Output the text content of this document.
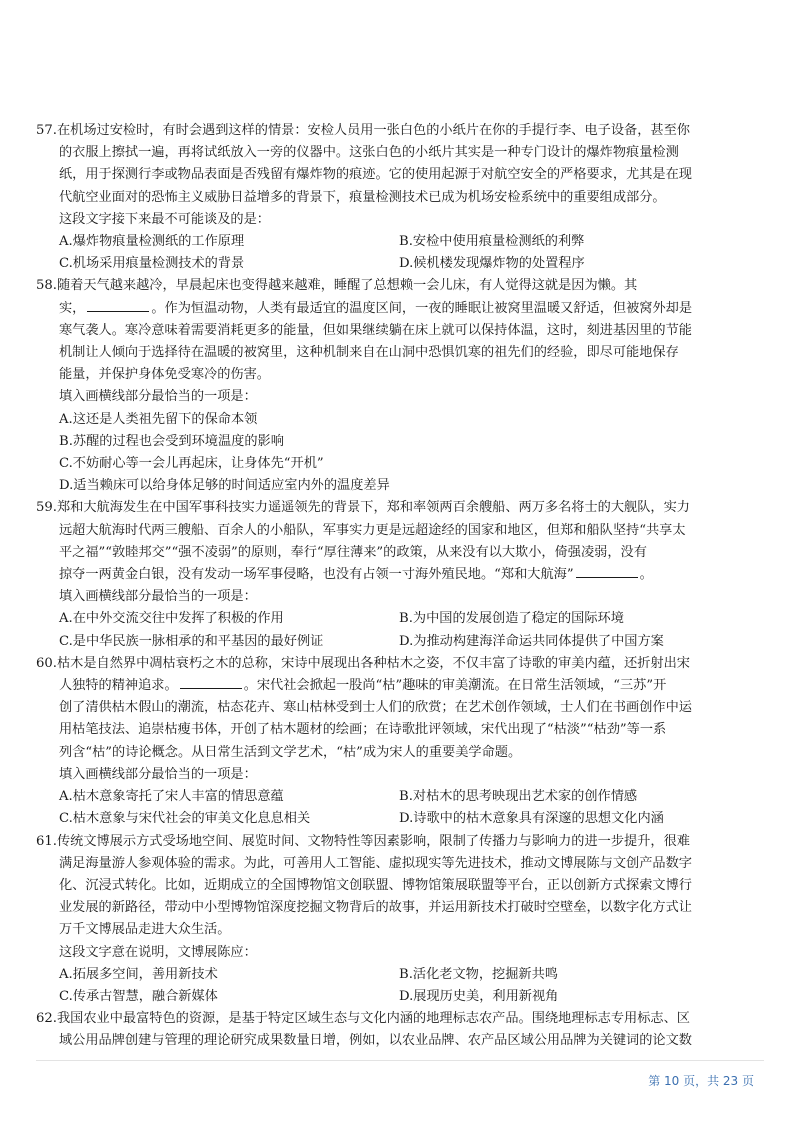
57.在机场过安检时，有时会遇到这样的情景：安检人员用一张白色的小纸片在你的手提行李、电子设备，甚至你
的衣服上擦拭一遍，再将试纸放入一旁的仪器中。这张白色的小纸片其实是一种专门设计的爆炸物痕量检测
纸，用于探测行李或物品表面是否残留有爆炸物的痕迹。它的使用起源于对航空安全的严格要求，尤其是在现
代航空业面对的恐怖主义威胁日益增多的背景下，痕量检测技术已成为机场安检系统中的重要组成部分。
这段文字接下来最不可能谈及的是：
A.爆炸物痕量检测纸的工作原理	B.安检中使用痕量检测纸的利弊
C.机场采用痕量检测技术的背景	D.候机楼发现爆炸物的处置程序
58.随着天气越来越冷，早晨起床也变得越来越难，睡醒了总想赖一会儿床，有人觉得这就是因为懒。其
实，	。作为恒温动物，人类有最适宜的温度区间，一夜的睡眠让被窝里温暖又舒适，但被窝外却是
寒气袭人。寒冷意味着需要消耗更多的能量，但如果继续躺在床上就可以保持体温，这时，刻进基因里的节能
机制让人倾向于选择待在温暖的被窝里，这种机制来自在山洞中恐惧饥寒的祖先们的经验，即尽可能地保存
能量，并保护身体免受寒冷的伤害。
填入画横线部分最恰当的一项是：
A.这还是人类祖先留下的保命本领
B.苏醒的过程也会受到环境温度的影响
C.不妨耐心等一会儿再起床，让身体先“开机”
D.适当赖床可以给身体足够的时间适应室内外的温度差异
59.郑和大航海发生在中国军事科技实力遥遥领先的背景下，郑和率领两百余艘船、两万多名将士的大舰队，实力
远超大航海时代两三艘船、百余人的小船队，军事实力更是远超途经的国家和地区，但郑和船队坚持“共享太
平之福”“敦睦邦交”“强不凌弱”的原则，奉行“厚往薄来”的政策，从来没有以大欺小，倚强凌弱，没有
掠夺一两黄金白银，没有发动一场军事侵略，也没有占领一寸海外殖民地。“郑和大航海”	。
填入画横线部分最恰当的一项是：
A.在中外交流交往中发挥了积极的作用	B.为中国的发展创造了稳定的国际环境
C.是中华民族一脉相承的和平基因的最好例证	D.为推动构建海洋命运共同体提供了中国方案
60.枯木是自然界中凋枯衰朽之木的总称，宋诗中展现出各种枯木之姿，不仅丰富了诗歌的审美内蕴，还折射出宋
人独特的精神追求。	。宋代社会掀起一股尚“枯”趣味的审美潮流。在日常生活领域，“三苏”开
创了清供枯木假山的潮流，枯态花卉、寒山枯林受到士人们的欣赏；在艺术创作领域，士人们在书画创作中运
用枯笔技法、追崇枯瘦书体，开创了枯木题材的绘画；在诗歌批评领域，宋代出现了“枯淡”“枯劲”等一系
列含“枯”的诗论概念。从日常生活到文学艺术，“枯”成为宋人的重要美学命题。
填入画横线部分最恰当的一项是：
A.枯木意象寄托了宋人丰富的情思意蕴	B.对枯木的思考映现出艺术家的创作情感
C.枯木意象与宋代社会的审美文化息息相关	D.诗歌中的枯木意象具有深邃的思想文化内涵
61.传统文博展示方式受场地空间、展览时间、文物特性等因素影响，限制了传播力与影响力的进一步提升，很难
满足海量游人参观体验的需求。为此，可善用人工智能、虚拟现实等先进技术，推动文博展陈与文创产品数字
化、沉浸式转化。比如，近期成立的全国博物馆文创联盟、博物馆策展联盟等平台，正以创新方式探索文博行
业发展的新路径，带动中小型博物馆深度挖掘文物背后的故事，并运用新技术打破时空壁垒，以数字化方式让
万千文博展品走进大众生活。
这段文字意在说明，文博展陈应：
A.拓展多空间，善用新技术	B.活化老文物，挖掘新共鸣
C.传承古智慧，融合新媒体	D.展现历史美，利用新视角
62.我国农业中最富特色的资源，是基于特定区域生态与文化内涵的地理标志农产品。围绕地理标志专用标志、区
域公用品牌创建与管理的理论研究成果数量日增，例如，以农业品牌、农产品区域公用品牌为关键词的论文数
第 10 页，共 23 页
